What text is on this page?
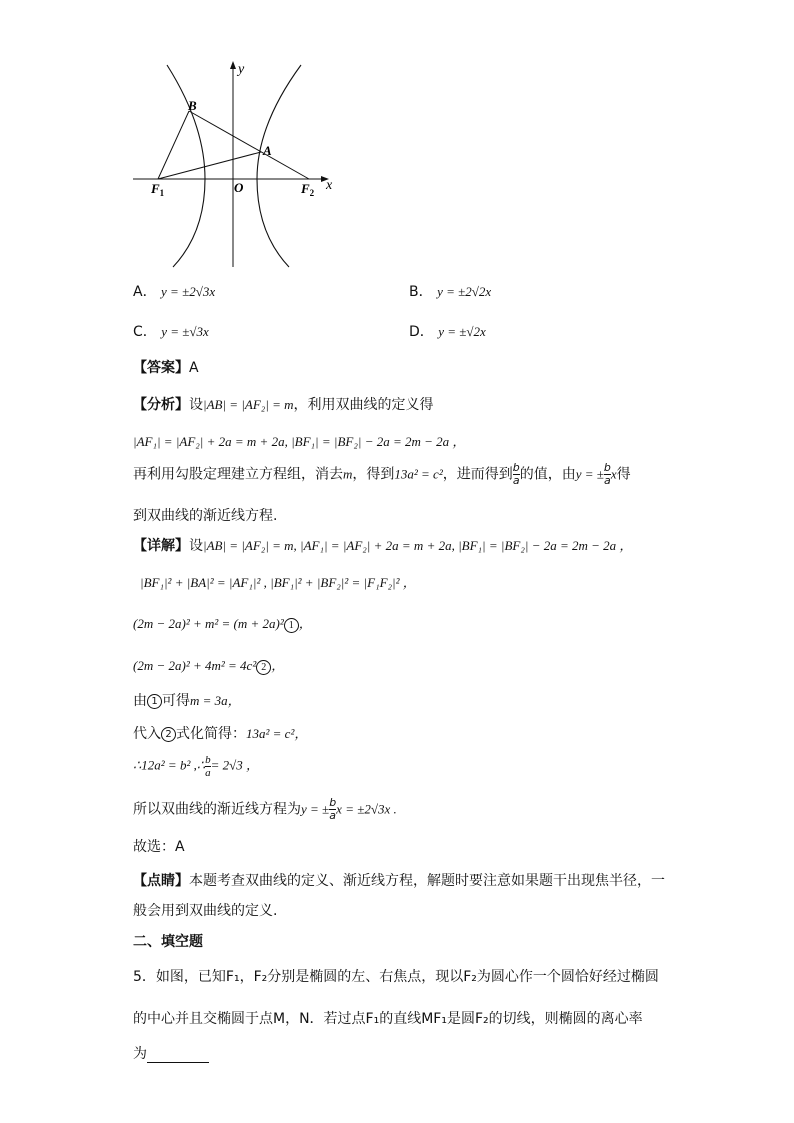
y
x
B
A
O
$F_1$	$F_2$
A． y = ±2√3x	B． y = ±2√2x
C． y = ±√3x	D． y = ±√2x
【答案】A
【分析】设|AB| = |AF₂| = m，利用双曲线的定义得
|AF₁| = |AF₂| + 2a = m + 2a, |BF₁| = |BF₂| − 2a = 2m − 2a ，
再利用勾股定理建立方程组，消去m，得到13a² = c²，进而得到 $\frac{b}{a}$ 的值，由y = ± $\frac{b}{a}$ x得
到双曲线的渐近线方程.
【详解】设|AB| = |AF₂| = m, |AF₁| = |AF₂| + 2a = m + 2a, |BF₁| = |BF₂| − 2a = 2m − 2a ，
|BF₁|² + |BA|² = |AF₁|² , |BF₁|² + |BF₂|² = |F₁F₂|² ，
(2m − 2a)² + m² = (m + 2a)² 1 ，
(2m − 2a)² + 4m² = 4c² 2 ，
由 1 可得m = 3a，
代入 2 式化简得：13a² = c²，
∴12a² = b² ,∴ $\frac{b}{a} = 2√3$ ，
所以双曲线的渐近线方程为y = ± $\frac{b}{a}$ x = ±2√3x .
故选：A
【点睛】本题考查双曲线的定义、渐近线方程，解题时要注意如果题干出现焦半径，一
般会用到双曲线的定义.
二、填空题
5．如图，已知F₁，F₂分别是椭圆的左、右焦点，现以F₂为圆心作一个圆恰好经过椭圆
的中心并且交椭圆于点M，N．若过点F₁的直线MF₁是圆F₂的切线，则椭圆的离心率
为
